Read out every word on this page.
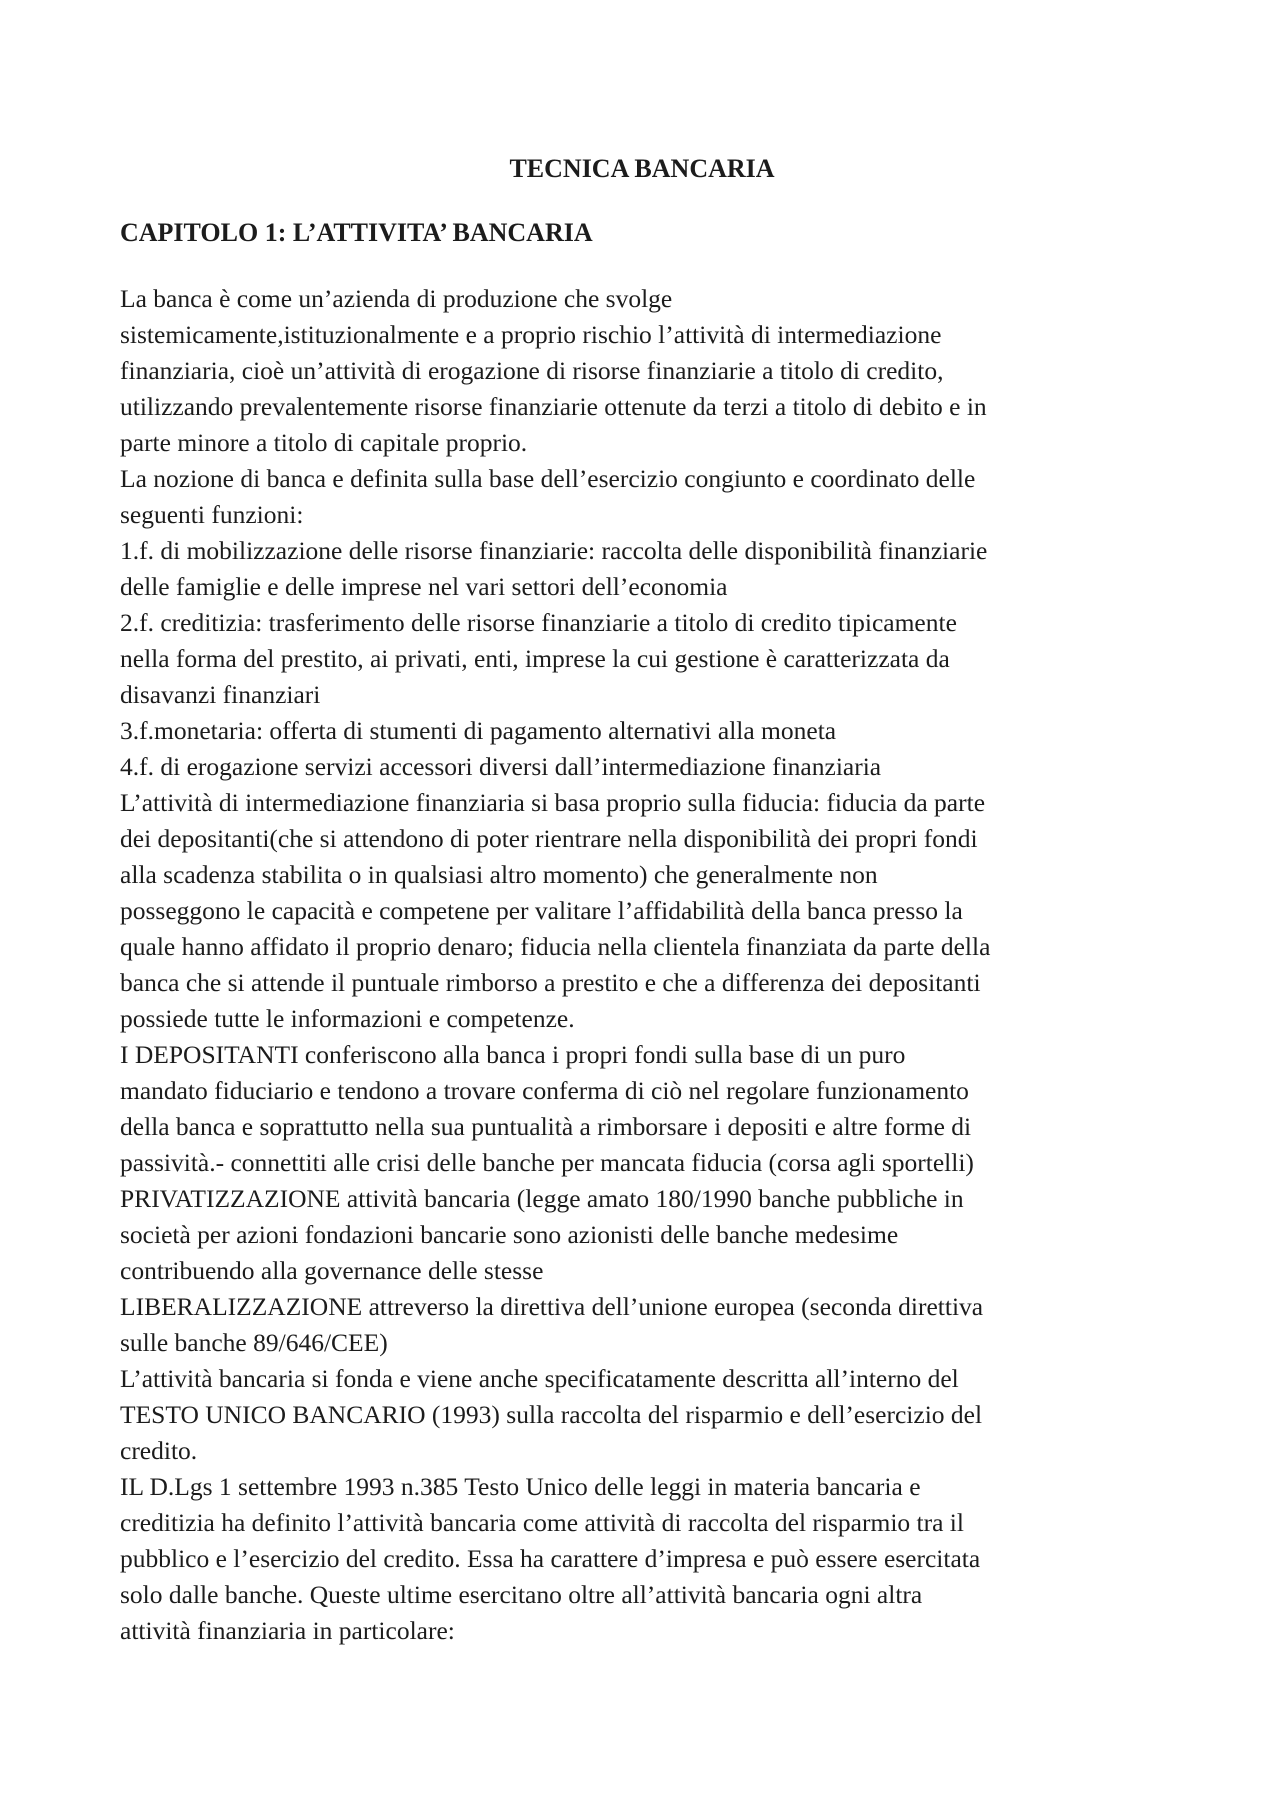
TECNICA BANCARIA
CAPITOLO 1: L’ATTIVITA’ BANCARIA
La banca è come un’azienda di produzione che svolge
sistemicamente,istituzionalmente e a proprio rischio l’attività di intermediazione
finanziaria, cioè un’attività di erogazione di risorse finanziarie a titolo di credito,
utilizzando prevalentemente risorse finanziarie ottenute da terzi a titolo di debito e in
parte minore a titolo di capitale proprio.
La nozione di banca e definita sulla base dell’esercizio congiunto e coordinato delle
seguenti funzioni:
1.f. di mobilizzazione delle risorse finanziarie: raccolta delle disponibilità finanziarie
delle famiglie e delle imprese nel vari settori dell’economia
2.f. creditizia: trasferimento delle risorse finanziarie a titolo di credito tipicamente
nella forma del prestito, ai privati, enti, imprese la cui gestione è caratterizzata da
disavanzi finanziari
3.f.monetaria: offerta di stumenti di pagamento alternativi alla moneta
4.f. di erogazione servizi accessori diversi dall’intermediazione finanziaria
L’attività di intermediazione finanziaria si basa proprio sulla fiducia: fiducia da parte
dei depositanti(che si attendono di poter rientrare nella disponibilità dei propri fondi
alla scadenza stabilita o in qualsiasi altro momento) che generalmente non
posseggono le capacità e competene per valitare l’affidabilità della banca presso la
quale hanno affidato il proprio denaro; fiducia nella clientela finanziata da parte della
banca che si attende il puntuale rimborso a prestito e che a differenza dei depositanti
possiede tutte le informazioni e competenze.
I DEPOSITANTI conferiscono alla banca i propri fondi sulla base di un puro
mandato fiduciario e tendono a trovare conferma di ciò nel regolare funzionamento
della banca e soprattutto nella sua puntualità a rimborsare i depositi e altre forme di
passività.- connettiti alle crisi delle banche per mancata fiducia (corsa agli sportelli)
PRIVATIZZAZIONE attività bancaria (legge amato 180/1990 banche pubbliche in
società per azioni fondazioni bancarie sono azionisti delle banche medesime
contribuendo alla governance delle stesse
LIBERALIZZAZIONE attreverso la direttiva dell’unione europea (seconda direttiva
sulle banche 89/646/CEE)
L’attività bancaria si fonda e viene anche specificatamente descritta all’interno del
TESTO UNICO BANCARIO (1993) sulla raccolta del risparmio e dell’esercizio del
credito.
IL D.Lgs 1 settembre 1993 n.385 Testo Unico delle leggi in materia bancaria e
creditizia ha definito l’attività bancaria come attività di raccolta del risparmio tra il
pubblico e l’esercizio del credito. Essa ha carattere d’impresa e può essere esercitata
solo dalle banche. Queste ultime esercitano oltre all’attività bancaria ogni altra
attività finanziaria in particolare:
